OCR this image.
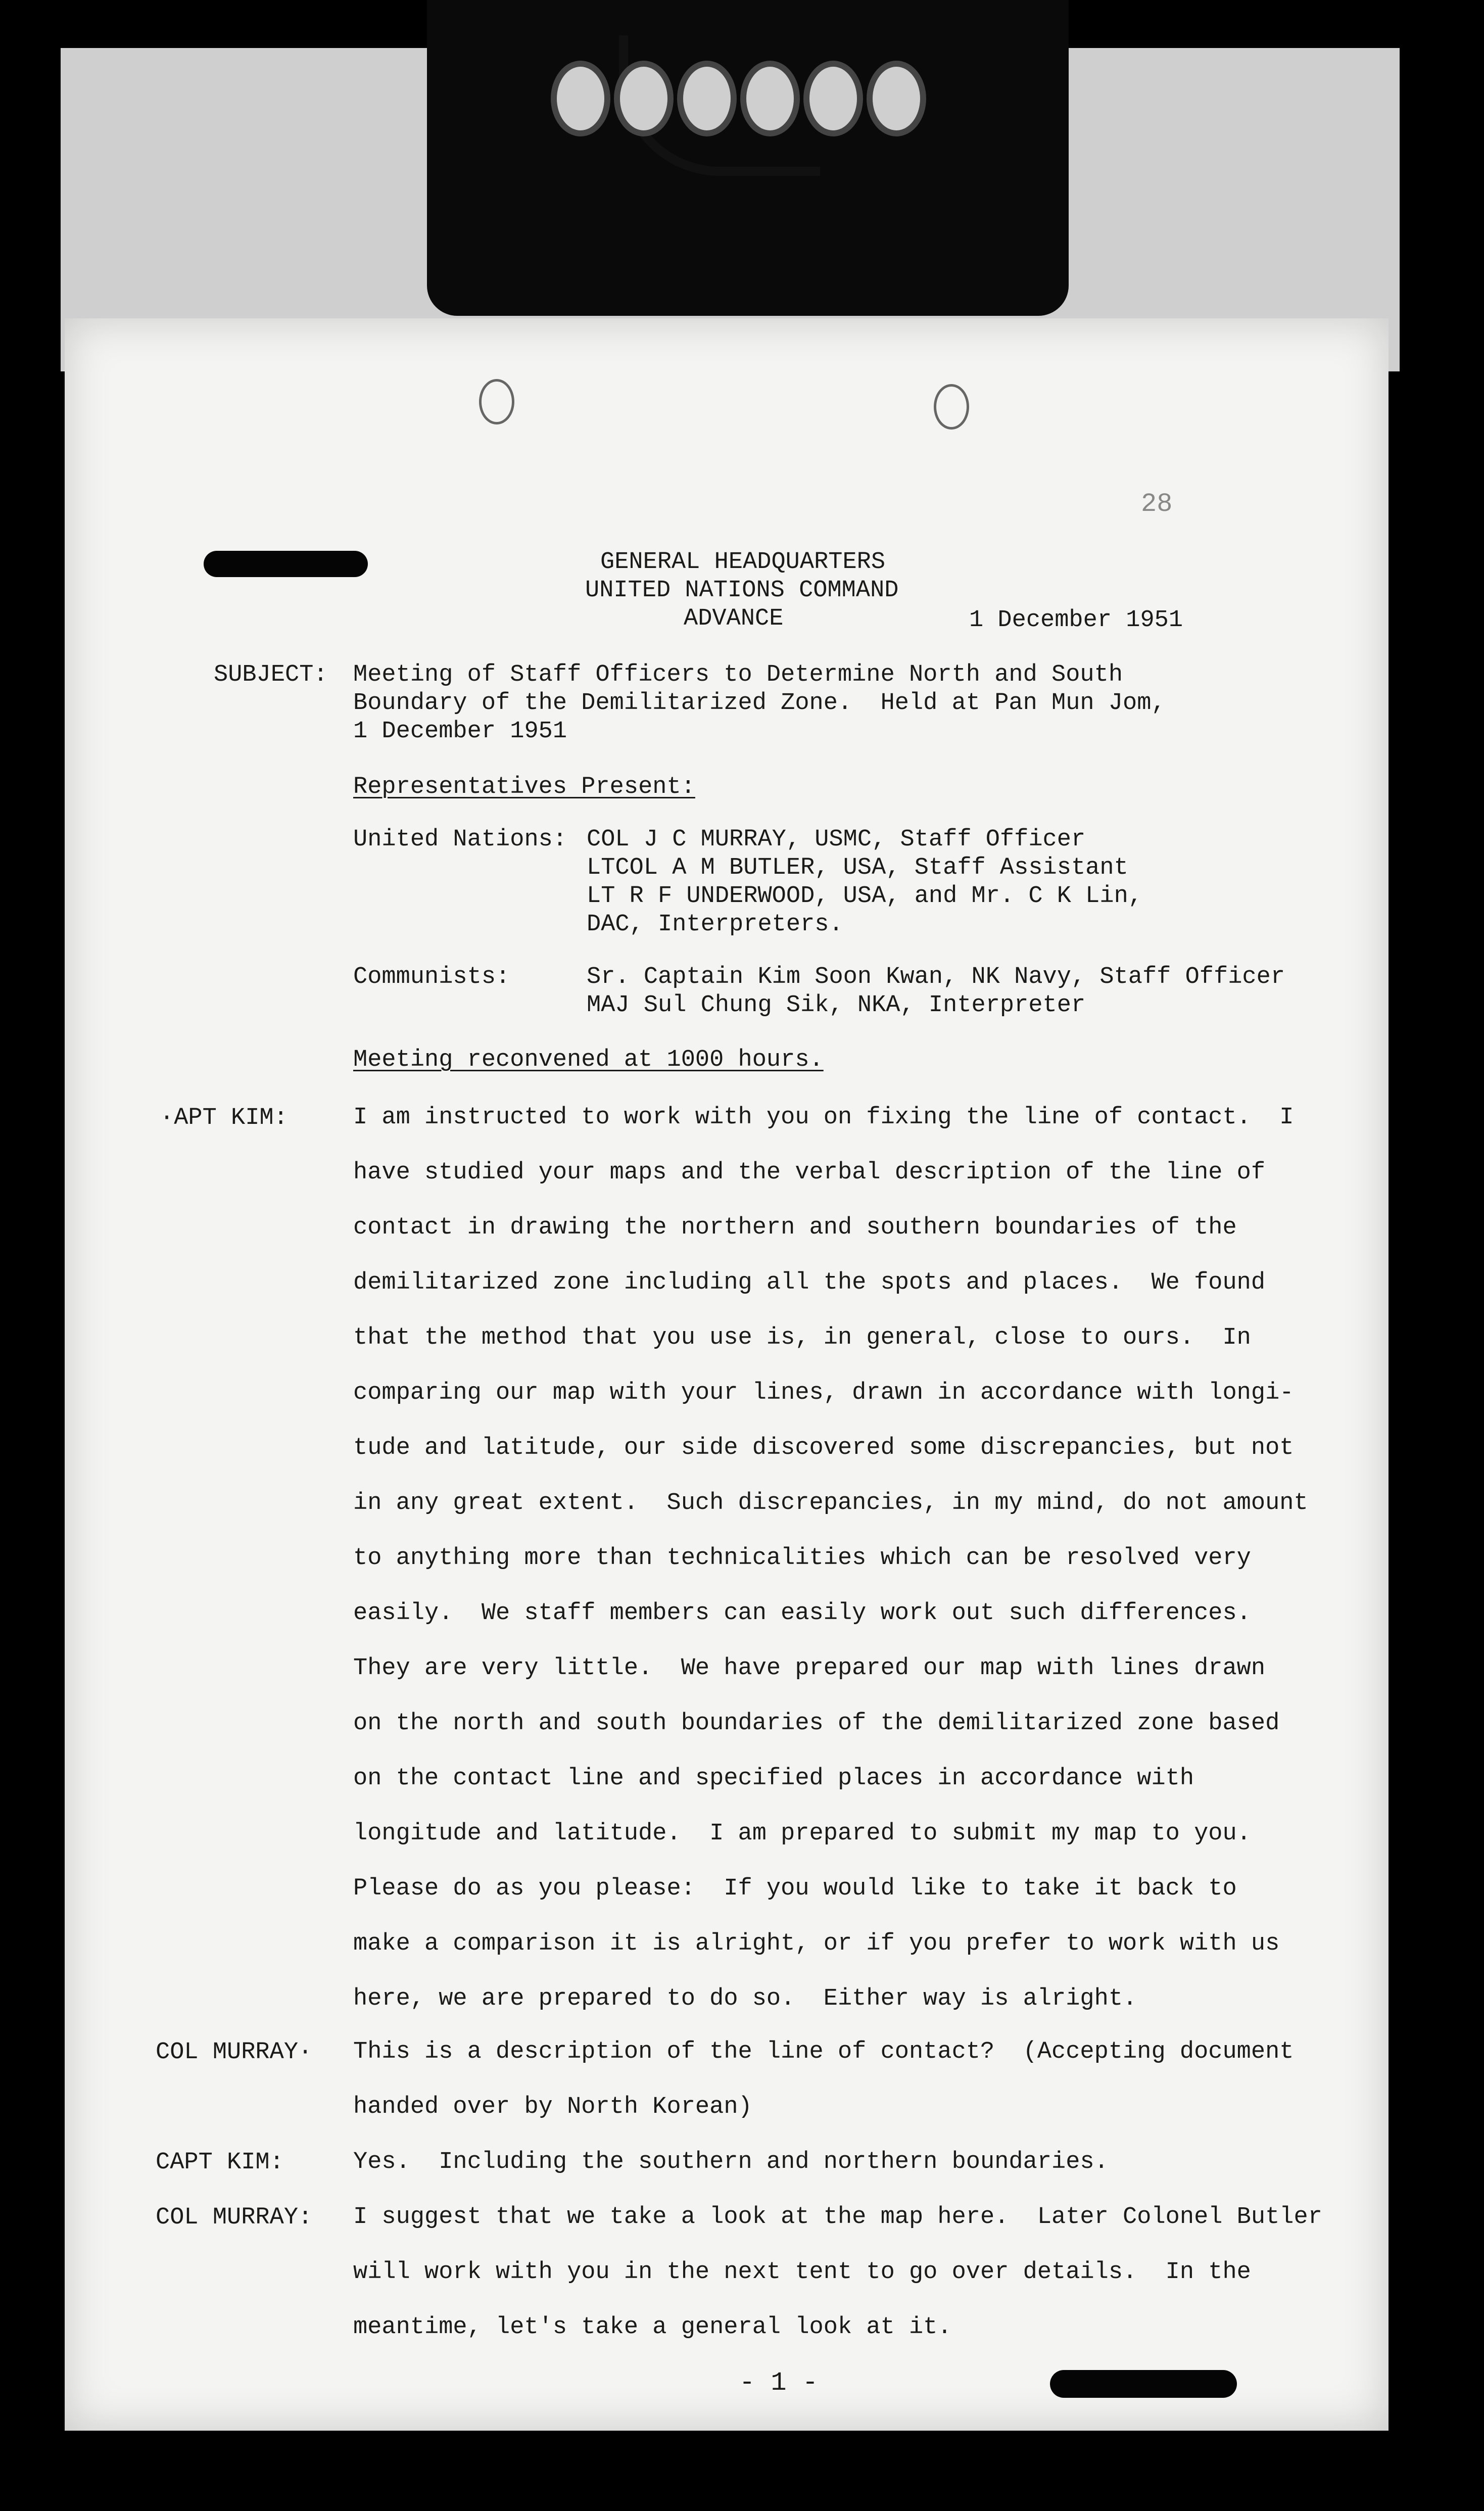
28
GENERAL HEADQUARTERS
UNITED NATIONS COMMAND
ADVANCE	1 December 1951
SUBJECT: Meeting of Staff Officers to Determine North and South
Boundary of the Demilitarized Zone.  Held at Pan Mun Jom,
1 December 1951
Representatives Present:
United Nations: COL J C MURRAY, USMC, Staff Officer
LTCOL A M BUTLER, USA, Staff Assistant
LT R F UNDERWOOD, USA, and Mr. C K Lin,
DAC, Interpreters.
Communists:	Sr. Captain Kim Soon Kwan, NK Navy, Staff Officer
MAJ Sul Chung Sik, NKA, Interpreter
Meeting reconvened at 1000 hours.
·APT KIM:	I am instructed to work with you on fixing the line of contact.  I
have studied your maps and the verbal description of the line of
contact in drawing the northern and southern boundaries of the
demilitarized zone including all the spots and places.  We found
that the method that you use is, in general, close to ours.  In
comparing our map with your lines, drawn in accordance with longi-
tude and latitude, our side discovered some discrepancies, but not
in any great extent.  Such discrepancies, in my mind, do not amount
to anything more than technicalities which can be resolved very
easily.  We staff members can easily work out such differences.
They are very little.  We have prepared our map with lines drawn
on the north and south boundaries of the demilitarized zone based
on the contact line and specified places in accordance with
longitude and latitude.  I am prepared to submit my map to you.
Please do as you please:  If you would like to take it back to
make a comparison it is alright, or if you prefer to work with us
here, we are prepared to do so.  Either way is alright.
COL MURRAY· This is a description of the line of contact?  (Accepting document
handed over by North Korean)
CAPT KIM:	Yes.  Including the southern and northern boundaries.
COL MURRAY: I suggest that we take a look at the map here.  Later Colonel Butler
will work with you in the next tent to go over details.  In the
meantime, let's take a general look at it.
- 1 -
